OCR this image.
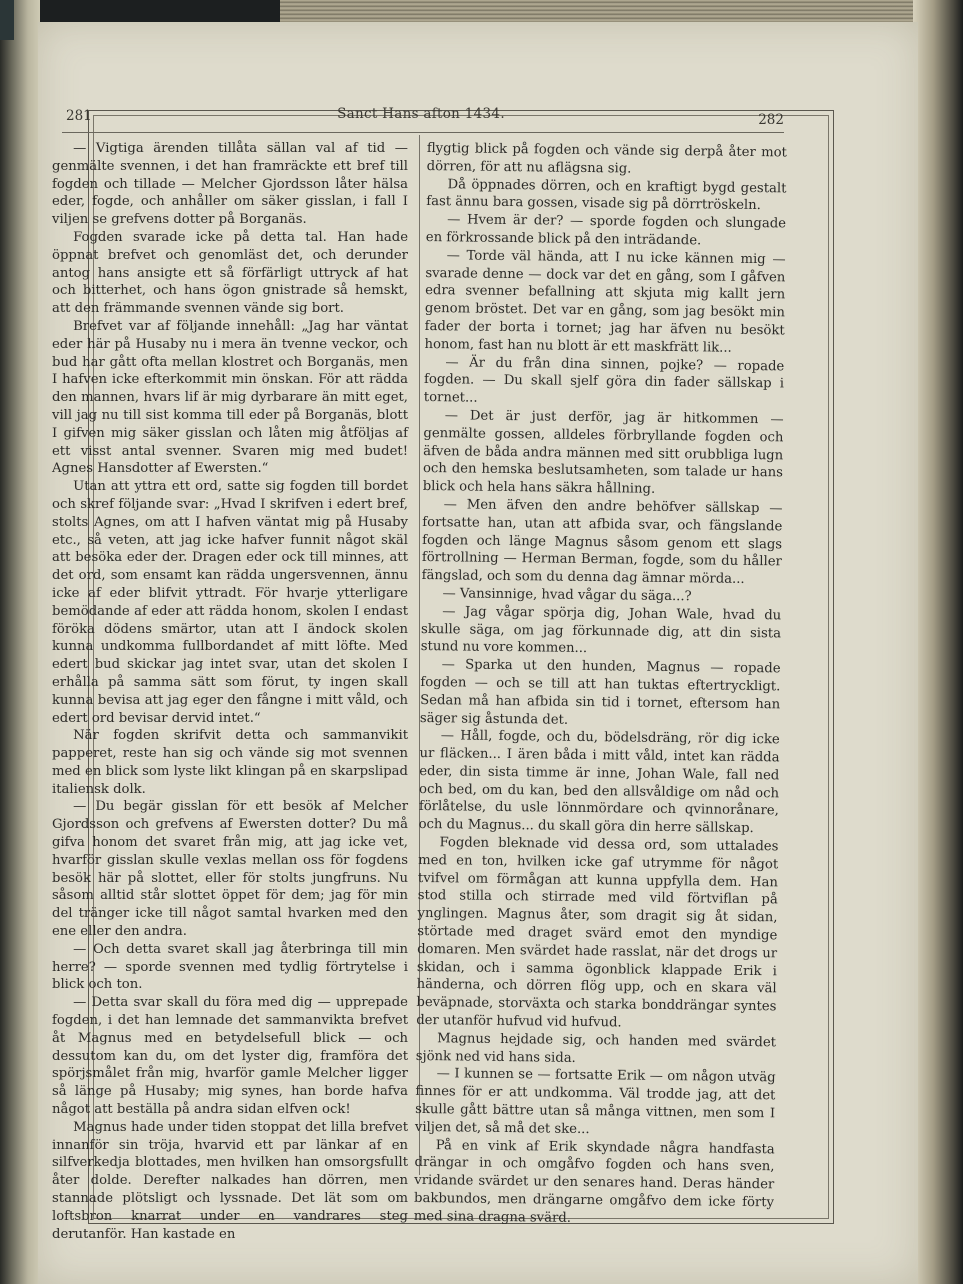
281	Sanct Hans afton 1434.	282

— Vigtiga ärenden tillåta sällan val af tid — genmälte svennen, i det han framräckte ett bref till fogden och tillade — Melcher Gjordsson låter hälsa eder, fogde, och anhåller om säker gisslan, i fall I viljen se grefvens dotter på Borganäs.

Fogden svarade icke på detta tal. Han hade öppnat brefvet och genomläst det, och derunder antog hans ansigte ett så förfärligt uttryck af hat och bitterhet, och hans ögon gnistrade så hemskt, att den främmande svennen vände sig bort.

Brefvet var af följande innehåll: „Jag har väntat eder här på Husaby nu i mera än tvenne veckor, och bud har gått ofta mellan klostret och Borganäs, men I hafven icke efterkommit min önskan. För att rädda den mannen, hvars lif är mig dyrbarare än mitt eget, vill jag nu till sist komma till eder på Borganäs, blott I gifven mig säker gisslan och låten mig åtföljas af ett visst antal svenner. Svaren mig med budet! Agnes Hansdotter af Ewersten.“

Utan att yttra ett ord, satte sig fogden till bordet och skref följande svar: „Hvad I skrifven i edert bref, stolts Agnes, om att I hafven väntat mig på Husaby etc., så veten, att jag icke hafver funnit något skäl att besöka eder der. Dragen eder ock till minnes, att det ord, som ensamt kan rädda ungersvennen, ännu icke af eder blifvit yttradt. För hvarje ytterligare bemödande af eder att rädda honom, skolen I endast föröka dödens smärtor, utan att I ändock skolen kunna undkomma fullbordandet af mitt löfte. Med edert bud skickar jag intet svar, utan det skolen I erhålla på samma sätt som förut, ty ingen skall kunna bevisa att jag eger den fångne i mitt våld, och edert ord bevisar dervid intet.“

När fogden skrifvit detta och sammanvikit papperet, reste han sig och vände sig mot svennen med en blick som lyste likt klingan på en skarpslipad italiensk dolk.

— Du begär gisslan för ett besök af Melcher Gjordsson och grefvens af Ewersten dotter? Du må gifva honom det svaret från mig, att jag icke vet, hvarför gisslan skulle vexlas mellan oss för fogdens besök här på slottet, eller för stolts jungfruns. Nu såsom alltid står slottet öppet för dem; jag för min del tränger icke till något samtal hvarken med den ene eller den andra.

— Och detta svaret skall jag återbringa till min herre? — sporde svennen med tydlig förtrytelse i blick och ton.

— Detta svar skall du föra med dig — upprepade fogden, i det han lemnade det sammanvikta brefvet åt Magnus med en betydelsefull blick — och dessutom kan du, om det lyster dig, framföra det spörjsmålet från mig, hvarför gamle Melcher ligger så länge på Husaby; mig synes, han borde hafva något att beställa på andra sidan elfven ock!

Magnus hade under tiden stoppat det lilla brefvet innanför sin tröja, hvarvid ett par länkar af en silfverkedja blottades, men hvilken han omsorgsfullt åter dolde. Derefter nalkades han dörren, men stannade plötsligt och lyssnade. Det lät som om loftsbron knarrat under en vandrares steg derutanför. Han kastade en

flygtig blick på fogden och vände sig derpå åter mot dörren, för att nu aflägsna sig.

Då öppnades dörren, och en kraftigt bygd gestalt fast ännu bara gossen, visade sig på dörrtröskeln.

— Hvem är der? — sporde fogden och slungade en förkrossande blick på den inträdande.

— Torde väl hända, att I nu icke kännen mig — svarade denne — dock var det en gång, som I gåfven edra svenner befallning att skjuta mig kallt jern genom bröstet. Det var en gång, som jag besökt min fader der borta i tornet; jag har äfven nu besökt honom, fast han nu blott är ett maskfrätt lik...

— Är du från dina sinnen, pojke? — ropade fogden. — Du skall sjelf göra din fader sällskap i tornet...

— Det är just derför, jag är hitkommen — genmälte gossen, alldeles förbryllande fogden och äfven de båda andra männen med sitt orubbliga lugn och den hemska beslutsamheten, som talade ur hans blick och hela hans säkra hållning.

— Men äfven den andre behöfver sällskap — fortsatte han, utan att afbida svar, och fängslande fogden och länge Magnus såsom genom ett slags förtrollning — Herman Berman, fogde, som du håller fängslad, och som du denna dag ämnar mörda...

— Vansinnige, hvad vågar du säga...?

— Jag vågar spörja dig, Johan Wale, hvad du skulle säga, om jag förkunnade dig, att din sista stund nu vore kommen...

— Sparka ut den hunden, Magnus — ropade fogden — och se till att han tuktas eftertryckligt. Sedan må han afbida sin tid i tornet, eftersom han säger sig åstunda det.

— Håll, fogde, och du, bödelsdräng, rör dig icke ur fläcken... I ären båda i mitt våld, intet kan rädda eder, din sista timme är inne, Johan Wale, fall ned och bed, om du kan, bed den allsvåldige om nåd och förlåtelse, du usle lönnmördare och qvinnorånare, och du Magnus... du skall göra din herre sällskap.

Fogden bleknade vid dessa ord, som uttalades med en ton, hvilken icke gaf utrymme för något tvifvel om förmågan att kunna uppfylla dem. Han stod stilla och stirrade med vild förtviflan på ynglingen. Magnus åter, som dragit sig åt sidan, störtade med draget svärd emot den myndige domaren. Men svärdet hade rasslat, när det drogs ur skidan, och i samma ögonblick klappade Erik i händerna, och dörren flög upp, och en skara väl beväpnade, storväxta och starka bonddrängar syntes der utanför hufvud vid hufvud.

Magnus hejdade sig, och handen med svärdet sjönk ned vid hans sida.

— I kunnen se — fortsatte Erik — om någon utväg finnes för er att undkomma. Väl trodde jag, att det skulle gått bättre utan så många vittnen, men som I viljen det, så må det ske...

På en vink af Erik skyndade några handfasta drängar in och omgåfvo fogden och hans sven, vridande svärdet ur den senares hand. Deras händer bakbundos, men drängarne omgåfvo dem icke förty med sina dragna svärd.
